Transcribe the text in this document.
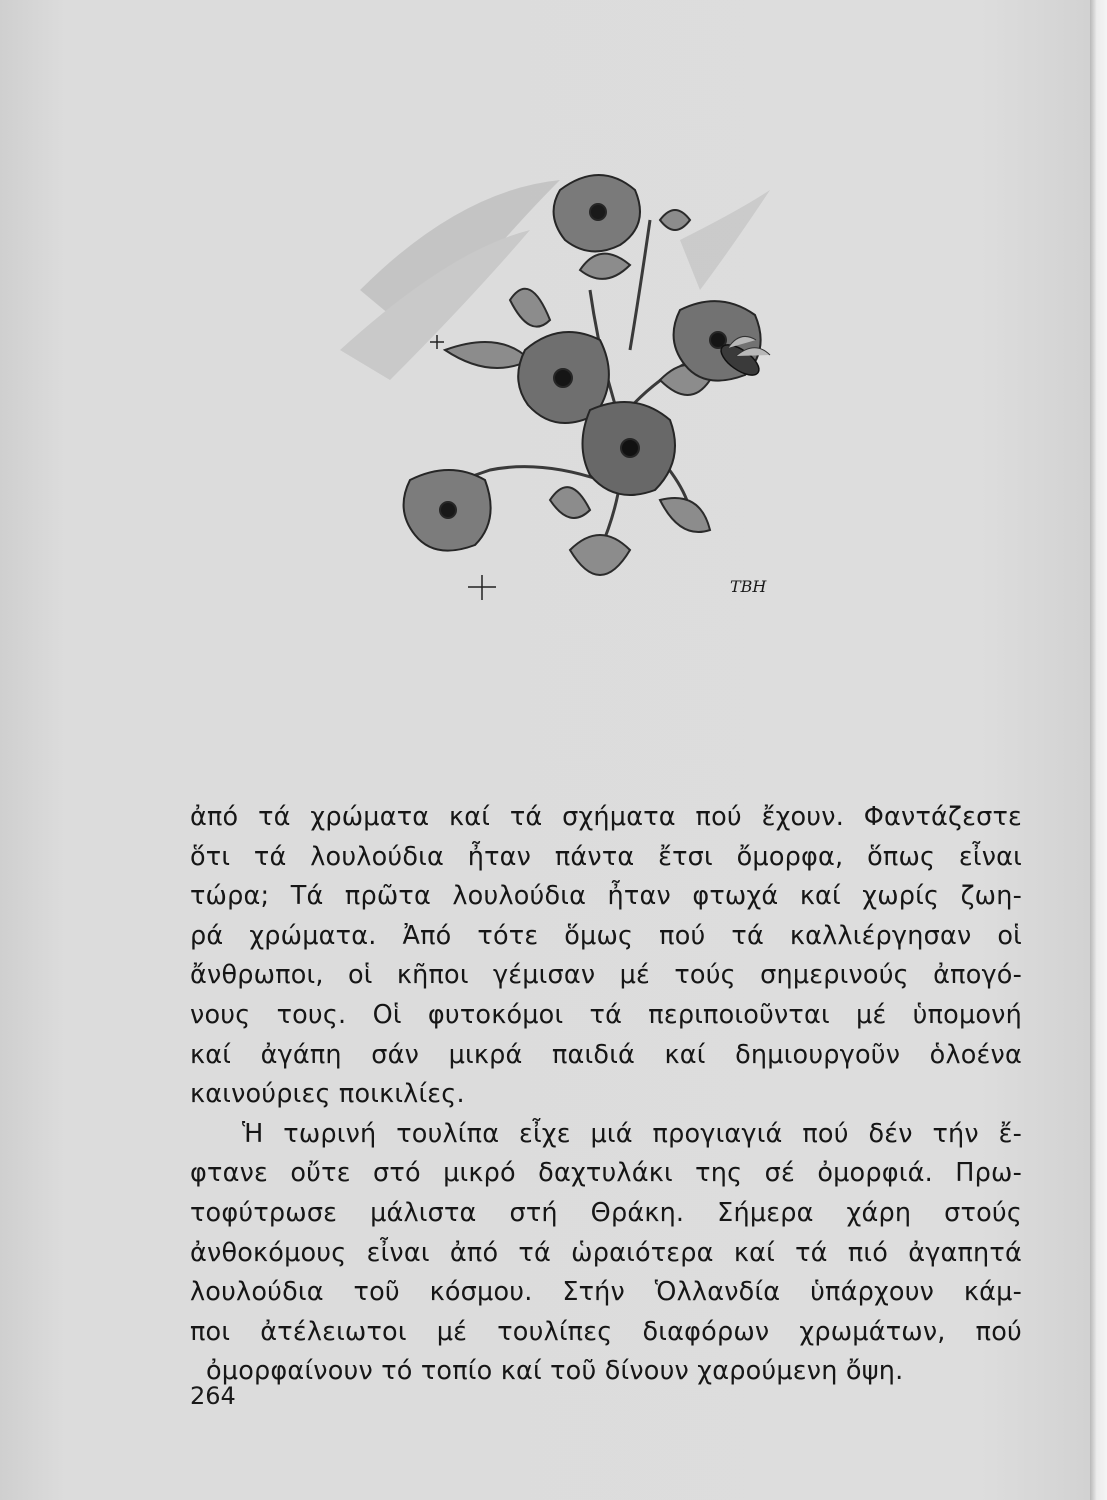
ΤΒΗ
ἀπό τά χρώματα καί τά σχήματα πού ἔχουν. Φαντάζεστε
ὅτι τά λουλούδια ἦταν πάντα ἔτσι ὄμορφα, ὅπως εἶναι
τώρα; Τά πρῶτα λουλούδια ἦταν φτωχά καί χωρίς ζωη-
ρά χρώματα. Ἀπό τότε ὅμως πού τά καλλιέργησαν οἱ
ἄνθρωποι, οἱ κῆποι γέμισαν μέ τούς σημερινούς ἀπογό-
νους τους. Οἱ φυτοκόμοι τά περιποιοῦνται μέ ὑπομονή
καί ἀγάπη σάν μικρά παιδιά καί δημιουργοῦν ὁλοένα
καινούριες ποικιλίες.
Ἡ τωρινή τουλίπα εἶχε μιά προγιαγιά πού δέν τήν ἔ-
φτανε οὔτε στό μικρό δαχτυλάκι της σέ ὀμορφιά. Πρω-
τοφύτρωσε μάλιστα στή Θράκη. Σήμερα χάρη στούς
ἀνθοκόμους εἶναι ἀπό τά ὡραιότερα καί τά πιό ἀγαπητά
λουλούδια τοῦ κόσμου. Στήν Ὁλλανδία ὑπάρχουν κάμ-
ποι ἀτέλειωτοι μέ τουλίπες διαφόρων χρωμάτων, πού
ὀμορφαίνουν τό τοπίο καί τοῦ δίνουν χαρούμενη ὄψη.
264
